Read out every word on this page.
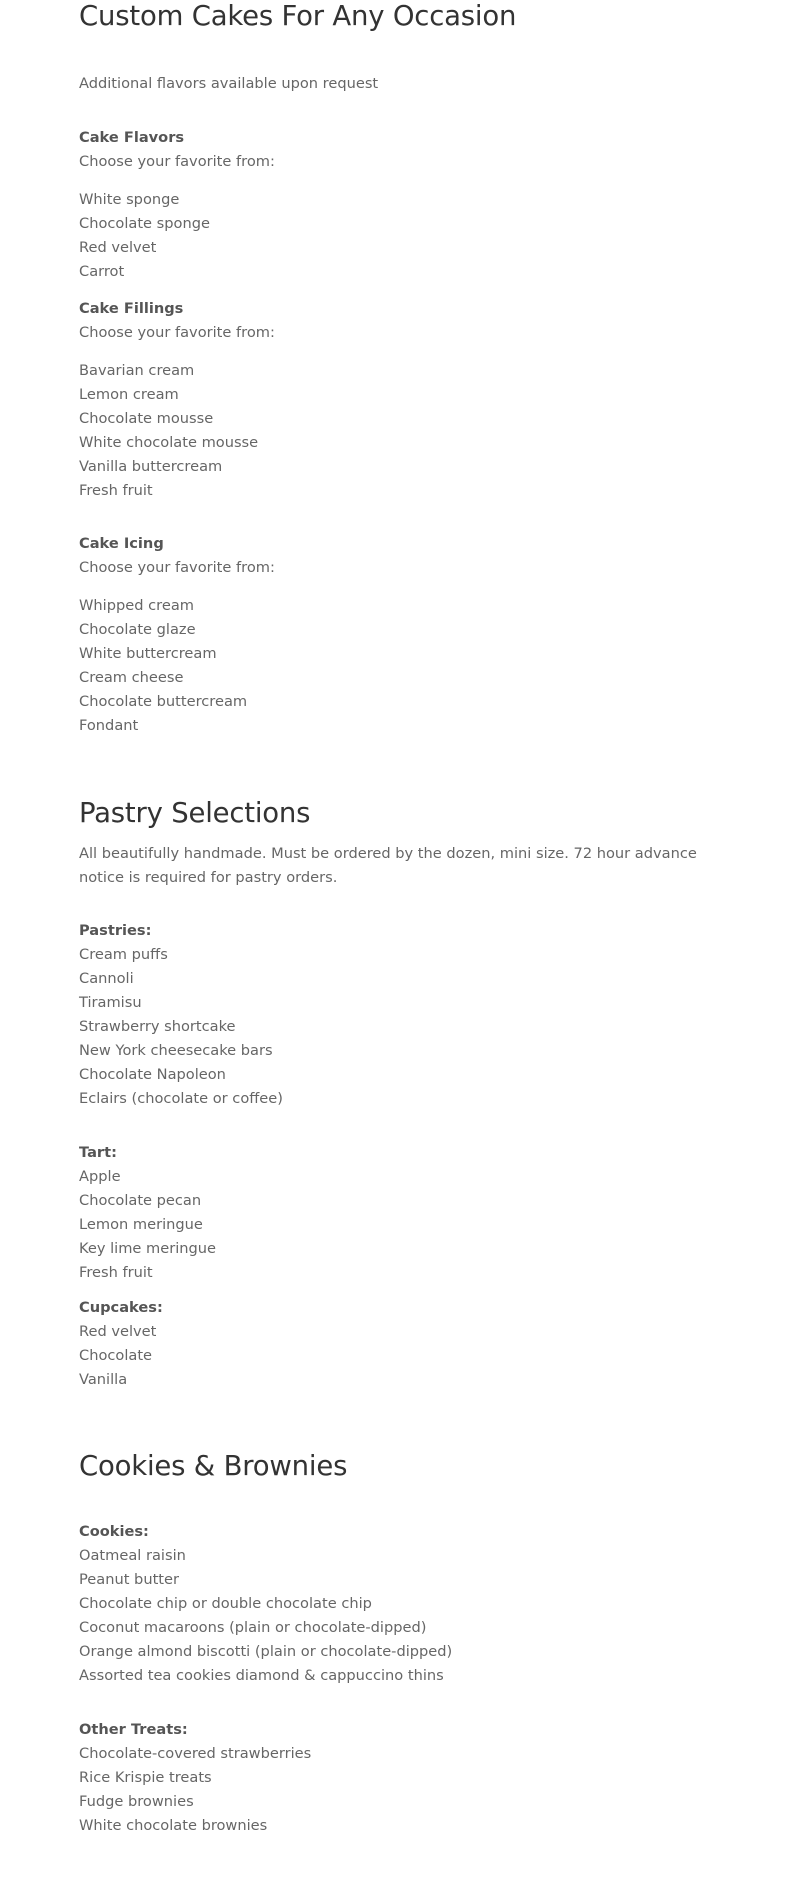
Custom Cakes For Any Occasion

Additional flavors available upon request

Cake Flavors

Choose your favorite from:

White sponge
Chocolate sponge
Red velvet
Carrot

Cake Fillings

Choose your favorite from:

Bavarian cream
Lemon cream
Chocolate mousse
White chocolate mousse
Vanilla buttercream
Fresh fruit

Cake Icing

Choose your favorite from:

Whipped cream
Chocolate glaze
White buttercream
Cream cheese
Chocolate buttercream
Fondant
Pastry Selections

All beautifully handmade. Must be ordered by the dozen, mini size. 72 hour advance notice is required for pastry orders.

Pastries:

Cream puffs
Cannoli
Tiramisu
Strawberry shortcake
New York cheesecake bars
Chocolate Napoleon
Eclairs (chocolate or coffee)

Tart:

Apple
Chocolate pecan
Lemon meringue
Key lime meringue
Fresh fruit

Cupcakes:

Red velvet
Chocolate
Vanilla
Cookies & Brownies

Cookies:

Oatmeal raisin
Peanut butter
Chocolate chip or double chocolate chip
Coconut macaroons (plain or chocolate-dipped)
Orange almond biscotti (plain or chocolate-dipped)
Assorted tea cookies diamond & cappuccino thins

Other Treats:

Chocolate-covered strawberries
Rice Krispie treats
Fudge brownies
White chocolate brownies
